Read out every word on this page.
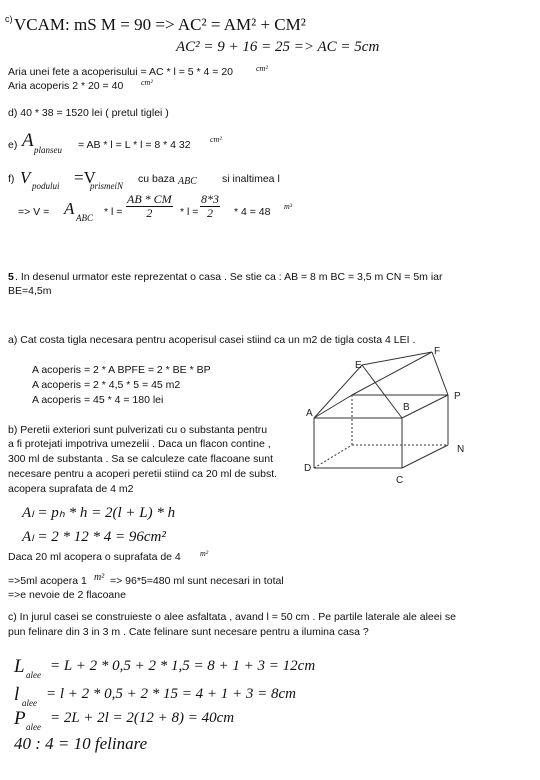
c) VCAM: mS M = 90 => AC² = AM² + CM²
AC² = 9 + 16 = 25 => AC = 5cm
Aria unei fete a acoperisului = AC * l = 5 * 4 = 20	cm²
Aria acoperis 2 * 20 = 40 cm²
d) 40 * 38 = 1520 lei ( pretul tiglei )
e) A planseu = AB * l = L * l = 8 * 4 32 cm²
f) V podului =V
prismeiN
cu baza ABC si inaltimea l
=> V = A ABC * $l = \frac{AB * CM}{2} * l = \frac{8*3}{2} * 4 = 48$ m³
5 . In desenul urmator este reprezentat o casa . Se stie ca : AB = 8 m BC = 3,5 m CN = 5m iar
BE=4,5m
a) Cat costa tigla necesara pentru acoperisul casei stiind ca un m2 de tigla costa 4 LEI .
A acoperis = 2 * A BPFE = 2 * BE * BP
A acoperis = 2 * 4,5 * 5 = 45 m2
A acoperis = 45 * 4 = 180 lei
E
F
P
A
B
N
C
D
b) Peretii exteriori sunt pulverizati cu o substanta pentru
a fi protejati impotriva umezelii . Daca un flacon contine ,
300 ml de substanta . Sa se calculeze cate flacoane sunt
necesare pentru a acoperi peretii stiind ca 20 ml de subst.
acopera suprafata de 4 m2
Aₗ = pₕ * h = 2(l + L) * h
Aₗ = 2 * 12 * 4 = 96cm²
Daca 20 ml acopera o suprafata de 4 m²
=>5ml acopera 1 m² => 96*5=480 ml sunt necesari in total
=>e nevoie de 2 flacoane
c) In jurul casei se construieste o alee asfaltata , avand l = 50 cm . Pe partile laterale ale aleei se
pun felinare din 3 in 3 m . Cate felinare sunt necesare pentru a ilumina casa ?
L alee
= L + 2 * 0,5 + 2 * 1,5 = 8 + 1 + 3 = 12cm
l alee
= l + 2 * 0,5 + 2 * 15 = 4 + 1 + 3 = 8cm
P alee
= 2L + 2l = 2(12 + 8) = 40cm
40 : 4 = 10 felinare
